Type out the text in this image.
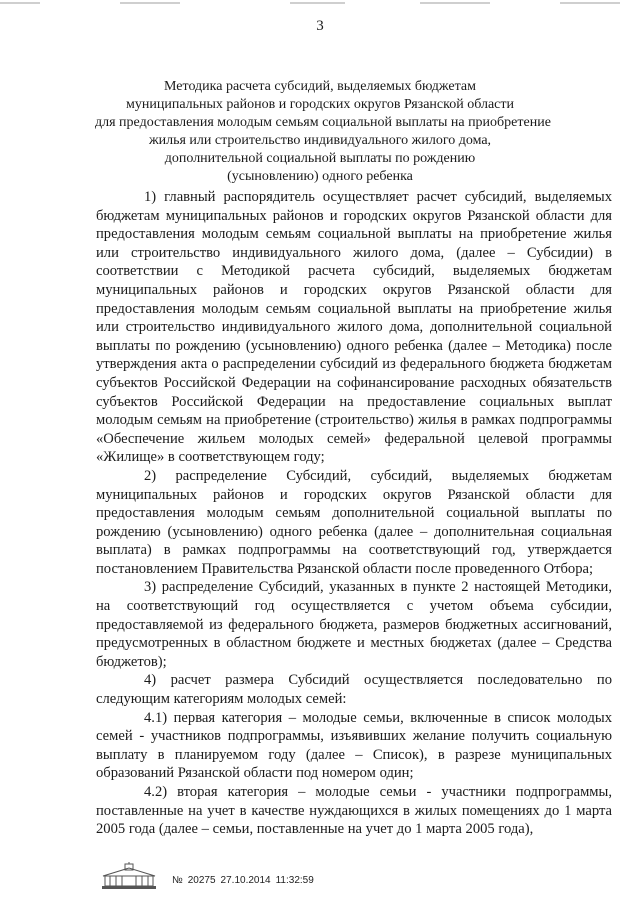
3
Методика расчета субсидий, выделяемых бюджетам
муниципальных районов и городских округов Рязанской области
для предоставления молодым семьям социальной выплаты на приобретение
жилья или строительство индивидуального жилого дома,
дополнительной социальной выплаты по рождению
(усыновлению) одного ребенка

1) главный распорядитель осуществляет расчет субсидий, выделяемых бюджетам муниципальных районов и городских округов Рязанской области для предоставления молодым семьям социальной выплаты на приобретение жилья или строительство индивидуального жилого дома, (далее – Субсидии) в соответствии с Методикой расчета субсидий, выделяемых бюджетам муниципальных районов и городских округов Рязанской области для предоставления молодым семьям социальной выплаты на приобретение жилья или строительство индивидуального жилого дома, дополнительной социальной выплаты по рождению (усыновлению) одного ребенка (далее – Методика) после утверждения акта о распределении субсидий из федерального бюджета бюджетам субъектов Российской Федерации на софинансирование расходных обязательств субъектов Российской Федерации на предоставление социальных выплат молодым семьям на приобретение (строительство) жилья в рамках подпрограммы «Обеспечение жильем молодых семей» федеральной целевой программы «Жилище» в соответствующем году;

2) распределение Субсидий, субсидий, выделяемых бюджетам муниципальных районов и городских округов Рязанской области для предоставления молодым семьям дополнительной социальной выплаты по рождению (усыновлению) одного ребенка (далее – дополнительная социальная выплата) в рамках подпрограммы на соответствующий год, утверждается постановлением Правительства Рязанской области после проведенного Отбора;

3) распределение Субсидий, указанных в пункте 2 настоящей Методики, на соответствующий год осуществляется с учетом объема субсидии, предоставляемой из федерального бюджета, размеров бюджетных ассигнований, предусмотренных в областном бюджете и местных бюджетах (далее – Средства бюджетов);

4) расчет размера Субсидий осуществляется последовательно по следующим категориям молодых семей:

4.1) первая категория – молодые семьи, включенные в список молодых семей - участников подпрограммы, изъявивших желание получить социальную выплату в планируемом году (далее – Список), в разрезе муниципальных образований Рязанской области под номером один;

4.2) вторая категория – молодые семьи - участники подпрограммы, поставленные на учет в качестве нуждающихся в жилых помещениях до 1 марта 2005 года (далее – семьи, поставленные на учет до 1 марта 2005 года),

№ 20275 27.10.2014 11:32:59
